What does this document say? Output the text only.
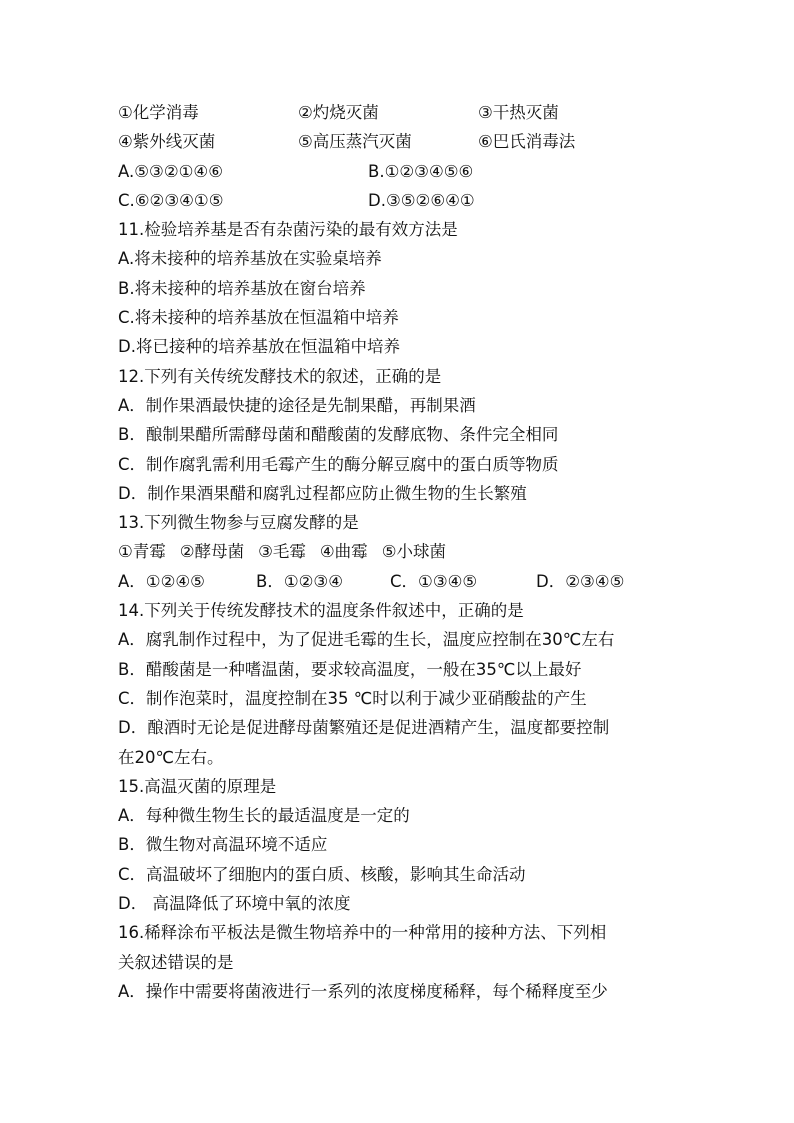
①化学消毒	②灼烧灭菌	③干热灭菌
④紫外线灭菌	⑤高压蒸汽灭菌	⑥巴氏消毒法
A.⑤③②①④⑥	B.①②③④⑤⑥
C.⑥②③④①⑤	D.③⑤②⑥④①
11.检验培养基是否有杂菌污染的最有效方法是
A.将未接种的培养基放在实验桌培养
B.将未接种的培养基放在窗台培养
C.将未接种的培养基放在恒温箱中培养
D.将已接种的培养基放在恒温箱中培养
12.下列有关传统发酵技术的叙述，正确的是
A．制作果酒最快捷的途径是先制果醋，再制果酒
B．酿制果醋所需酵母菌和醋酸菌的发酵底物、条件完全相同
C．制作腐乳需利用毛霉产生的酶分解豆腐中的蛋白质等物质
D．制作果酒果醋和腐乳过程都应防止微生物的生长繁殖
13.下列微生物参与豆腐发酵的是
①青霉 ②酵母菌 ③毛霉 ④曲霉 ⑤小球菌
A．①②④⑤	B．①②③④	C．①③④⑤	D．②③④⑤
14.下列关于传统发酵技术的温度条件叙述中，正确的是
A．腐乳制作过程中，为了促进毛霉的生长，温度应控制在30℃左右
B．醋酸菌是一种嗜温菌，要求较高温度，一般在35℃以上最好
C．制作泡菜时，温度控制在35 ℃时以利于减少亚硝酸盐的产生
D．酿酒时无论是促进酵母菌繁殖还是促进酒精产生，温度都要控制
在20℃左右。
15.高温灭菌的原理是
A．每种微生物生长的最适温度是一定的
B．微生物对高温环境不适应
C．高温破坏了细胞内的蛋白质、核酸，影响其生命活动
D． 高温降低了环境中氧的浓度
16.稀释涂布平板法是微生物培养中的一种常用的接种方法、下列相
关叙述错误的是
A．操作中需要将菌液进行一系列的浓度梯度稀释，每个稀释度至少
